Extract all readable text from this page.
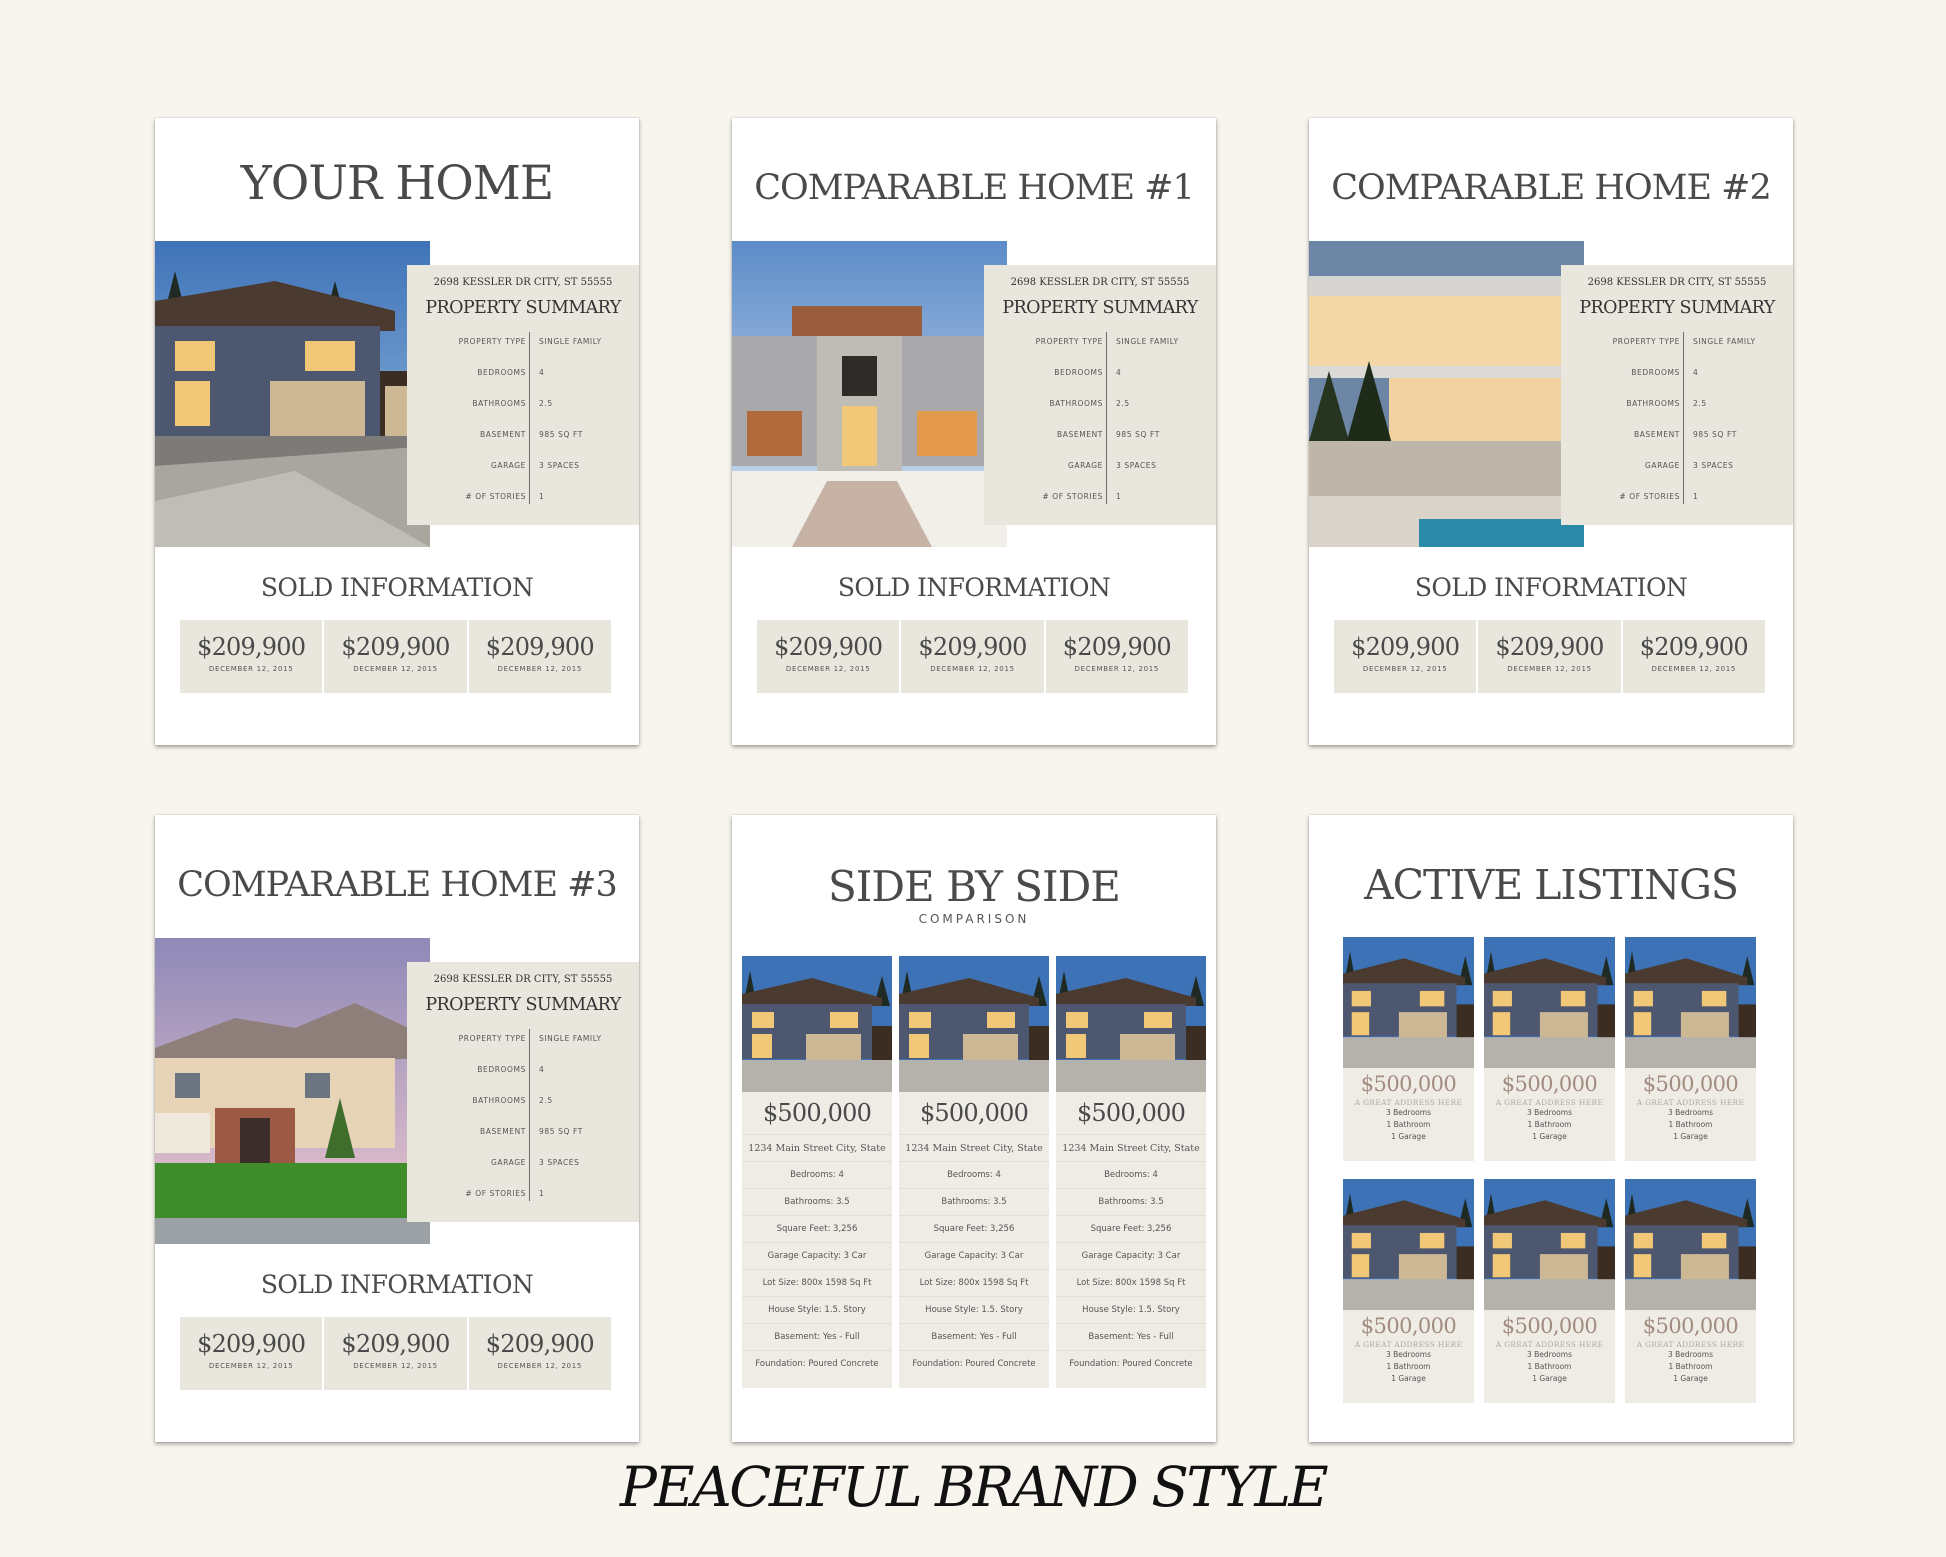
YOUR HOME
2698 KESSLER DR CITY, ST 55555
PROPERTY SUMMARY
PROPERTY TYPE SINGLE FAMILY
BEDROOMS 4
BATHROOMS 2.5
BASEMENT 985 SQ FT
GARAGE 3 SPACES
# OF STORIES 1
SOLD INFORMATION
$209,900
DECEMBER 12, 2015
$209,900
DECEMBER 12, 2015
$209,900
DECEMBER 12, 2015
COMPARABLE HOME #1
2698 KESSLER DR CITY, ST 55555
PROPERTY SUMMARY
PROPERTY TYPE SINGLE FAMILY
BEDROOMS 4
BATHROOMS 2.5
BASEMENT 985 SQ FT
GARAGE 3 SPACES
# OF STORIES 1
SOLD INFORMATION
$209,900
DECEMBER 12, 2015
$209,900
DECEMBER 12, 2015
$209,900
DECEMBER 12, 2015
COMPARABLE HOME #2
2698 KESSLER DR CITY, ST 55555
PROPERTY SUMMARY
PROPERTY TYPE SINGLE FAMILY
BEDROOMS 4
BATHROOMS 2.5
BASEMENT 985 SQ FT
GARAGE 3 SPACES
# OF STORIES 1
SOLD INFORMATION
$209,900
DECEMBER 12, 2015
$209,900
DECEMBER 12, 2015
$209,900
DECEMBER 12, 2015
COMPARABLE HOME #3
2698 KESSLER DR CITY, ST 55555
PROPERTY SUMMARY
PROPERTY TYPE SINGLE FAMILY
BEDROOMS 4
BATHROOMS 2.5
BASEMENT 985 SQ FT
GARAGE 3 SPACES
# OF STORIES 1
SOLD INFORMATION
$209,900
DECEMBER 12, 2015
$209,900
DECEMBER 12, 2015
$209,900
DECEMBER 12, 2015
SIDE BY SIDE
COMPARISON
$500,000
1234 Main Street City, State
Bedrooms: 4
Bathrooms: 3.5
Square Feet: 3,256
Garage Capacity: 3 Car
Lot Size: 800x 1598 Sq Ft
House Style: 1.5. Story
Basement: Yes - Full
Foundation: Poured Concrete
$500,000
1234 Main Street City, State
Bedrooms: 4
Bathrooms: 3.5
Square Feet: 3,256
Garage Capacity: 3 Car
Lot Size: 800x 1598 Sq Ft
House Style: 1.5. Story
Basement: Yes - Full
Foundation: Poured Concrete
$500,000
1234 Main Street City, State
Bedrooms: 4
Bathrooms: 3.5
Square Feet: 3,256
Garage Capacity: 3 Car
Lot Size: 800x 1598 Sq Ft
House Style: 1.5. Story
Basement: Yes - Full
Foundation: Poured Concrete
ACTIVE LISTINGS
$500,000
A GREAT ADDRESS HERE
3 Bedrooms
1 Bathroom
1 Garage
$500,000
A GREAT ADDRESS HERE
3 Bedrooms
1 Bathroom
1 Garage
$500,000
A GREAT ADDRESS HERE
3 Bedrooms
1 Bathroom
1 Garage
$500,000
A GREAT ADDRESS HERE
3 Bedrooms
1 Bathroom
1 Garage
$500,000
A GREAT ADDRESS HERE
3 Bedrooms
1 Bathroom
1 Garage
$500,000
A GREAT ADDRESS HERE
3 Bedrooms
1 Bathroom
1 Garage
PEACEFUL BRAND STYLE
